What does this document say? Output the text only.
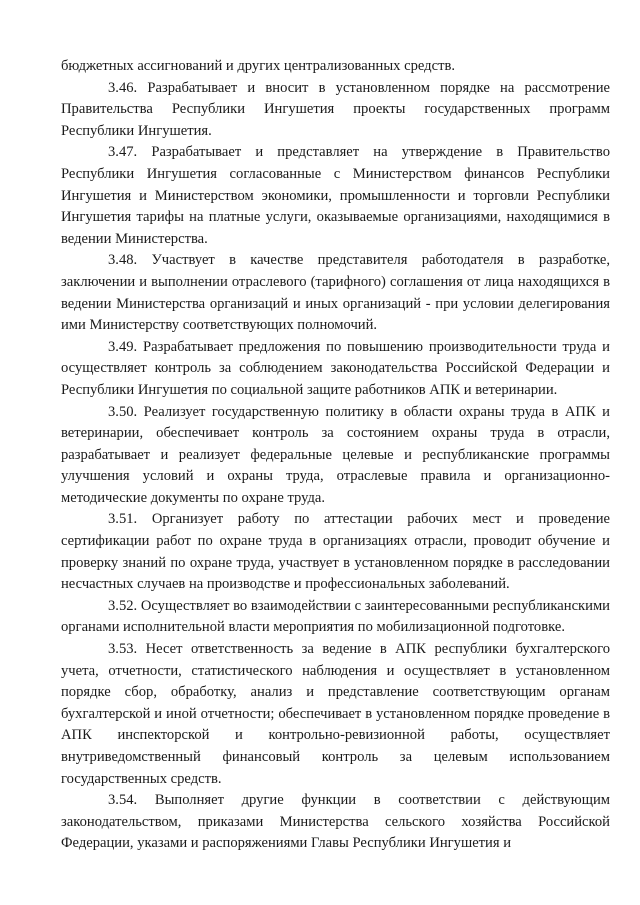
бюджетных ассигнований и других централизованных средств.

3.46. Разрабатывает и вносит в установленном порядке на рассмотрение Правительства Республики Ингушетия проекты государственных программ Республики Ингушетия.

3.47. Разрабатывает и представляет на утверждение в Правительство Республики Ингушетия согласованные с Министерством финансов Республики Ингушетия и Министерством экономики, промышленности и торговли Республики Ингушетия тарифы на платные услуги, оказываемые организациями, находящимися в ведении Министерства.

3.48. Участвует в качестве представителя работодателя в разработке, заключении и выполнении отраслевого (тарифного) соглашения от лица находящихся в ведении Министерства организаций и иных организаций - при условии делегирования ими Министерству соответствующих полномочий.

3.49. Разрабатывает предложения по повышению производительности труда и осуществляет контроль за соблюдением законодательства Российской Федерации и Республики Ингушетия по социальной защите работников АПК и ветеринарии.

3.50. Реализует государственную политику в области охраны труда в АПК и ветеринарии, обеспечивает контроль за состоянием охраны труда в отрасли, разрабатывает и реализует федеральные целевые и республиканские программы улучшения условий и охраны труда, отраслевые правила и организационно-методические документы по охране труда.

3.51. Организует работу по аттестации рабочих мест и проведение сертификации работ по охране труда в организациях отрасли, проводит обучение и проверку знаний по охране труда, участвует в установленном порядке в расследовании несчастных случаев на производстве и профессиональных заболеваний.

3.52. Осуществляет во взаимодействии с заинтересованными республиканскими органами исполнительной власти мероприятия по мобилизационной подготовке.

3.53. Несет ответственность за ведение в АПК республики бухгалтерского учета, отчетности, статистического наблюдения и осуществляет в установленном порядке сбор, обработку, анализ и представление соответствующим органам бухгалтерской и иной отчетности; обеспечивает в установленном порядке проведение в АПК инспекторской и контрольно-ревизионной работы, осуществляет внутриведомственный финансовый контроль за целевым использованием государственных средств.

3.54. Выполняет другие функции в соответствии с действующим законодательством, приказами Министерства сельского хозяйства Российской Федерации, указами и распоряжениями Главы Республики Ингушетия и
